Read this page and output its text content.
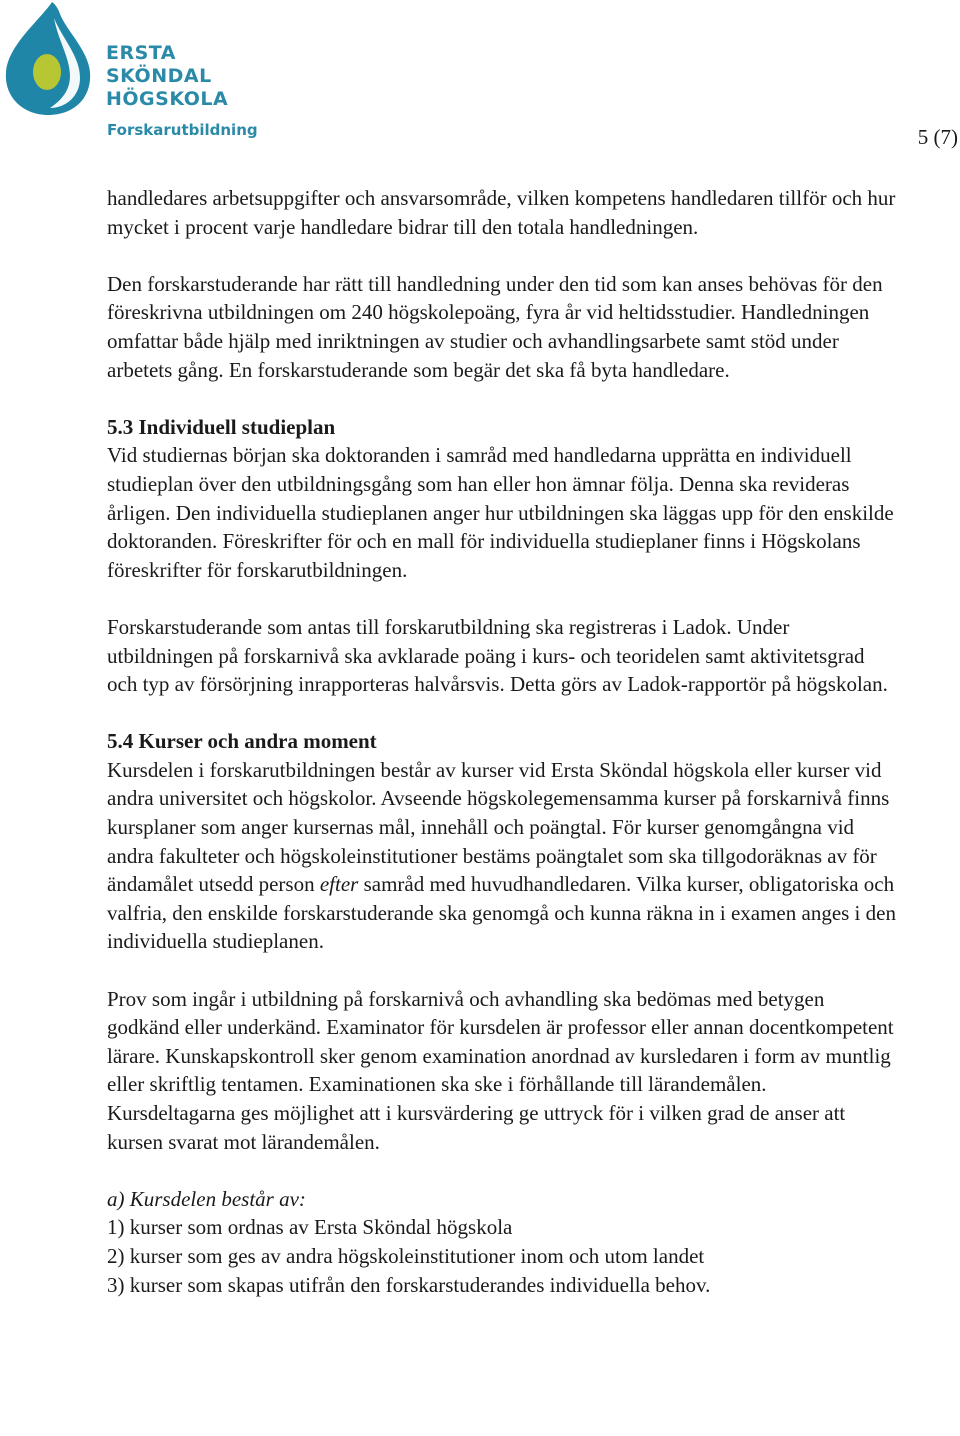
ERSTA
SKÖNDAL
HÖGSKOLA
Forskarutbildning	5 (7)

handledares arbetsuppgifter och ansvarsområde, vilken kompetens handledaren tillför och hur mycket i procent varje handledare bidrar till den totala handledningen.

Den forskarstuderande har rätt till handledning under den tid som kan anses behövas för den föreskrivna utbildningen om 240 högskolepoäng, fyra år vid heltidsstudier. Handledningen omfattar både hjälp med inriktningen av studier och avhandlingsarbete samt stöd under arbetets gång. En forskarstuderande som begär det ska få byta handledare.

5.3 Individuell studieplan

Vid studiernas början ska doktoranden i samråd med handledarna upprätta en individuell studieplan över den utbildningsgång som han eller hon ämnar följa. Denna ska revideras årligen. Den individuella studieplanen anger hur utbildningen ska läggas upp för den enskilde doktoranden. Föreskrifter för och en mall för individuella studieplaner finns i Högskolans föreskrifter för forskarutbildningen.

Forskarstuderande som antas till forskarutbildning ska registreras i Ladok. Under utbildningen på forskarnivå ska avklarade poäng i kurs- och teoridelen samt aktivitetsgrad och typ av försörjning inrapporteras halvårsvis. Detta görs av Ladok-rapportör på högskolan.

5.4 Kurser och andra moment

Kursdelen i forskarutbildningen består av kurser vid Ersta Sköndal högskola eller kurser vid andra universitet och högskolor. Avseende högskolegemensamma kurser på forskarnivå finns kursplaner som anger kursernas mål, innehåll och poängtal. För kurser genomgångna vid andra fakulteter och högskoleinstitutioner bestäms poängtalet som ska tillgodoräknas av för ändamålet utsedd person efter samråd med huvudhandledaren. Vilka kurser, obligatoriska och valfria, den enskilde forskarstuderande ska genomgå och kunna räkna in i examen anges i den individuella studieplanen.

Prov som ingår i utbildning på forskarnivå och avhandling ska bedömas med betygen godkänd eller underkänd. Examinator för kursdelen är professor eller annan docentkompetent lärare. Kunskapskontroll sker genom examination anordnad av kursledaren i form av muntlig eller skriftlig tentamen. Examinationen ska ske i förhållande till lärandemålen. Kursdeltagarna ges möjlighet att i kursvärdering ge uttryck för i vilken grad de anser att kursen svarat mot lärandemålen.

a) Kursdelen består av:
1) kurser som ordnas av Ersta Sköndal högskola
2) kurser som ges av andra högskoleinstitutioner inom och utom landet
3) kurser som skapas utifrån den forskarstuderandes individuella behov.
